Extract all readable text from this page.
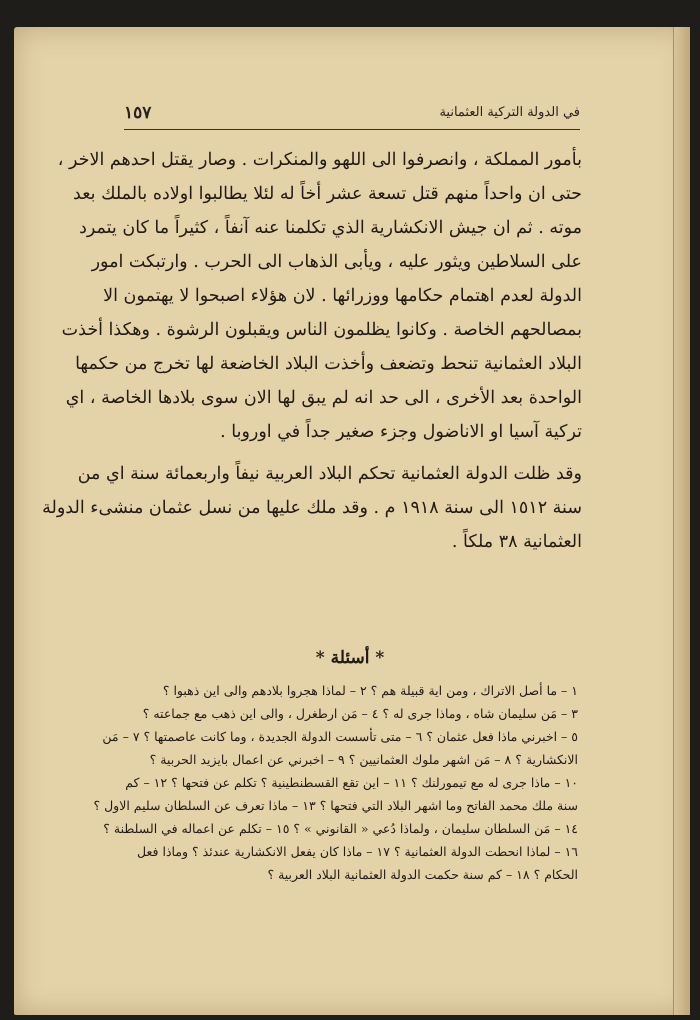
١٥٧	في الدولة التركية العثمانية
بأمور المملكة ، وانصرفوا الى اللهو والمنكرات . وصار يقتل احدهم الاخر ،
حتى ان واحداً منهم قتل تسعة عشر أخاً له لئلا يطالبوا اولاده بالملك بعد
موته . ثم ان جيش الانكشارية الذي تكلمنا عنه آنفاً ، كثيراً ما كان يتمرد
على السلاطين ويثور عليه ، ويأبى الذهاب الى الحرب . وارتبكت امور
الدولة لعدم اهتمام حكامها ووزرائها . لان هؤلاء اصبحوا لا يهتمون الا
بمصالحهم الخاصة . وكانوا يظلمون الناس ويقبلون الرشوة . وهكذا أخذت
البلاد العثمانية تنحط وتضعف وأخذت البلاد الخاضعة لها تخرج من حكمها
الواحدة بعد الأخرى ، الى حد انه لم يبق لها الان سوى بلادها الخاصة ، اي
تركية آسيا او الاناضول وجزء صغير جداً في اوروبا .
وقد ظلت الدولة العثمانية تحكم البلاد العربية نيفاً واربعمائة سنة اي من
سنة ١٥١٢ الى سنة ١٩١٨ م . وقد ملك عليها من نسل عثمان منشىء الدولة
العثمانية ٣٨ ملكاً .
* أسئلة *
١ – ما أصل الاتراك ، ومن اية قبيلة هم ؟ ٢ – لماذا هجروا بلادهم والى اين ذهبوا ؟
٣ – مَن سليمان شاه ، وماذا جرى له ؟ ٤ – مَن ارطغرل ، والى اين ذهب مع جماعته ؟
٥ – اخبرني ماذا فعل عثمان ؟ ٦ – متى تأسست الدولة الجديدة ، وما كانت عاصمتها ؟ ٧ – مَن
الانكشارية ؟ ٨ – مَن اشهر ملوك العثمانيين ؟ ٩ – اخبرني عن اعمال بايزيد الحربية ؟
١٠ – ماذا جرى له مع تيمورلنك ؟ ١١ – اين تقع القسطنطينية ؟ تكلم عن فتحها ؟ ١٢ – كم
سنة ملك محمد الفاتح وما اشهر البلاد التي فتحها ؟ ١٣ – ماذا تعرف عن السلطان سليم الاول ؟
١٤ – مَن السلطان سليمان ، ولماذا دُعي « القانوني » ؟ ١٥ – تكلم عن اعماله في السلطنة ؟
١٦ – لماذا انحطت الدولة العثمانية ؟ ١٧ – ماذا كان يفعل الانكشارية عندئذ ؟ وماذا فعل
الحكام ؟ ١٨ – كم سنة حكمت الدولة العثمانية البلاد العربية ؟
